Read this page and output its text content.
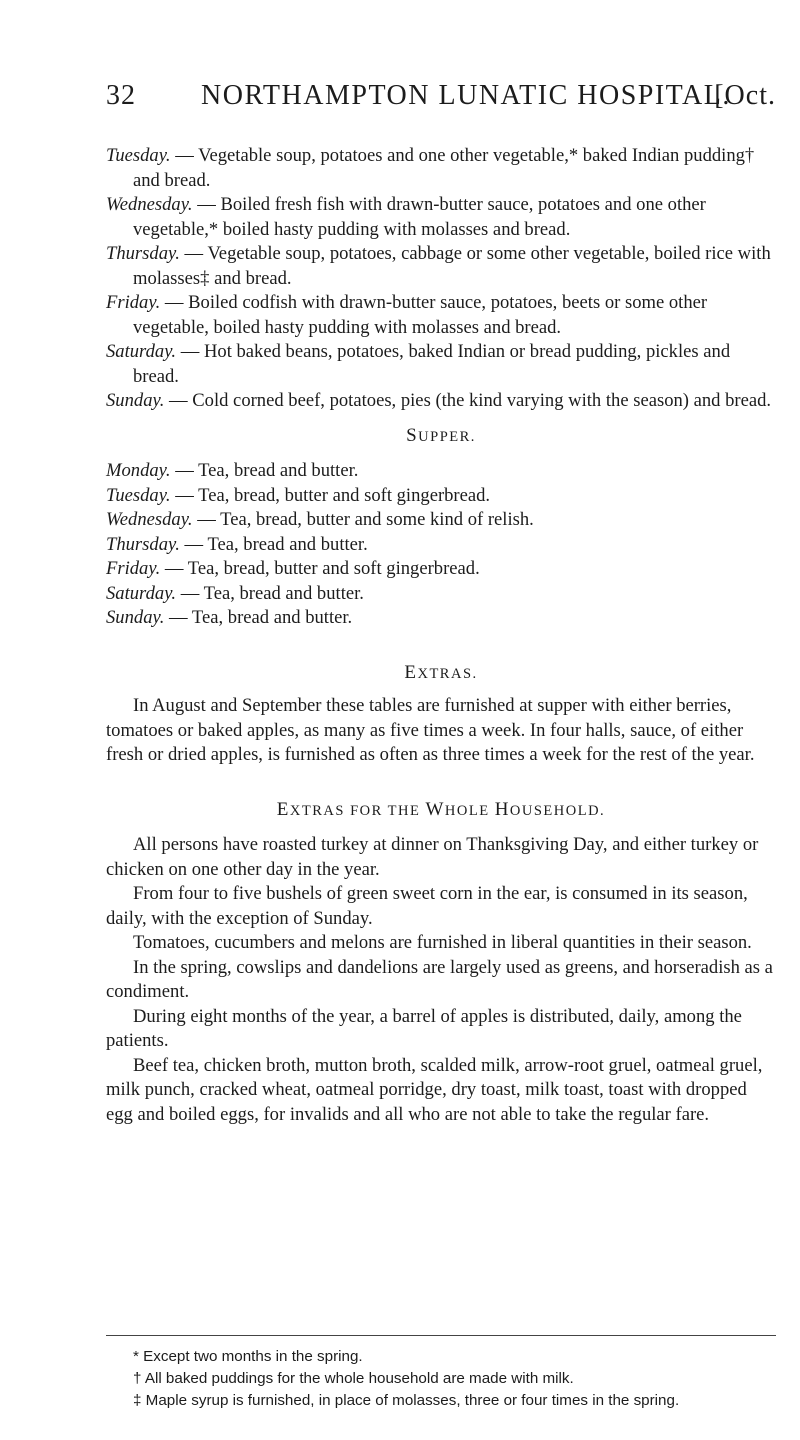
32 NORTHAMPTON LUNATIC HOSPITAL.
[Oct.

Tuesday. — Vegetable soup, potatoes and one other vegetable,* baked Indian pudding† and bread.

Wednesday. — Boiled fresh fish with drawn-butter sauce, potatoes and one other vegetable,* boiled hasty pudding with molasses and bread.

Thursday. — Vegetable soup, potatoes, cabbage or some other vegetable, boiled rice with molasses‡ and bread.

Friday. — Boiled codfish with drawn-butter sauce, potatoes, beets or some other vegetable, boiled hasty pudding with molasses and bread.

Saturday. — Hot baked beans, potatoes, baked Indian or bread pudding, pickles and bread.

Sunday. — Cold corned beef, potatoes, pies (the kind varying with the season) and bread.

SUPPER.

Monday. — Tea, bread and butter.

Tuesday. — Tea, bread, butter and soft gingerbread.

Wednesday. — Tea, bread, butter and some kind of relish.

Thursday. — Tea, bread and butter.

Friday. — Tea, bread, butter and soft gingerbread.

Saturday. — Tea, bread and butter.

Sunday. — Tea, bread and butter.

EXTRAS.

In August and September these tables are furnished at supper with either berries, tomatoes or baked apples, as many as five times a week. In four halls, sauce, of either fresh or dried apples, is furnished as often as three times a week for the rest of the year.

EXTRAS FOR THE WHOLE HOUSEHOLD.

All persons have roasted turkey at dinner on Thanksgiving Day, and either turkey or chicken on one other day in the year.

From four to five bushels of green sweet corn in the ear, is consumed in its season, daily, with the exception of Sunday.

Tomatoes, cucumbers and melons are furnished in liberal quantities in their season.

In the spring, cowslips and dandelions are largely used as greens, and horseradish as a condiment.

During eight months of the year, a barrel of apples is distributed, daily, among the patients.

Beef tea, chicken broth, mutton broth, scalded milk, arrow-root gruel, oatmeal gruel, milk punch, cracked wheat, oatmeal porridge, dry toast, milk toast, toast with dropped egg and boiled eggs, for invalids and all who are not able to take the regular fare.

* Except two months in the spring.

† All baked puddings for the whole household are made with milk.

‡ Maple syrup is furnished, in place of molasses, three or four times in the spring.
